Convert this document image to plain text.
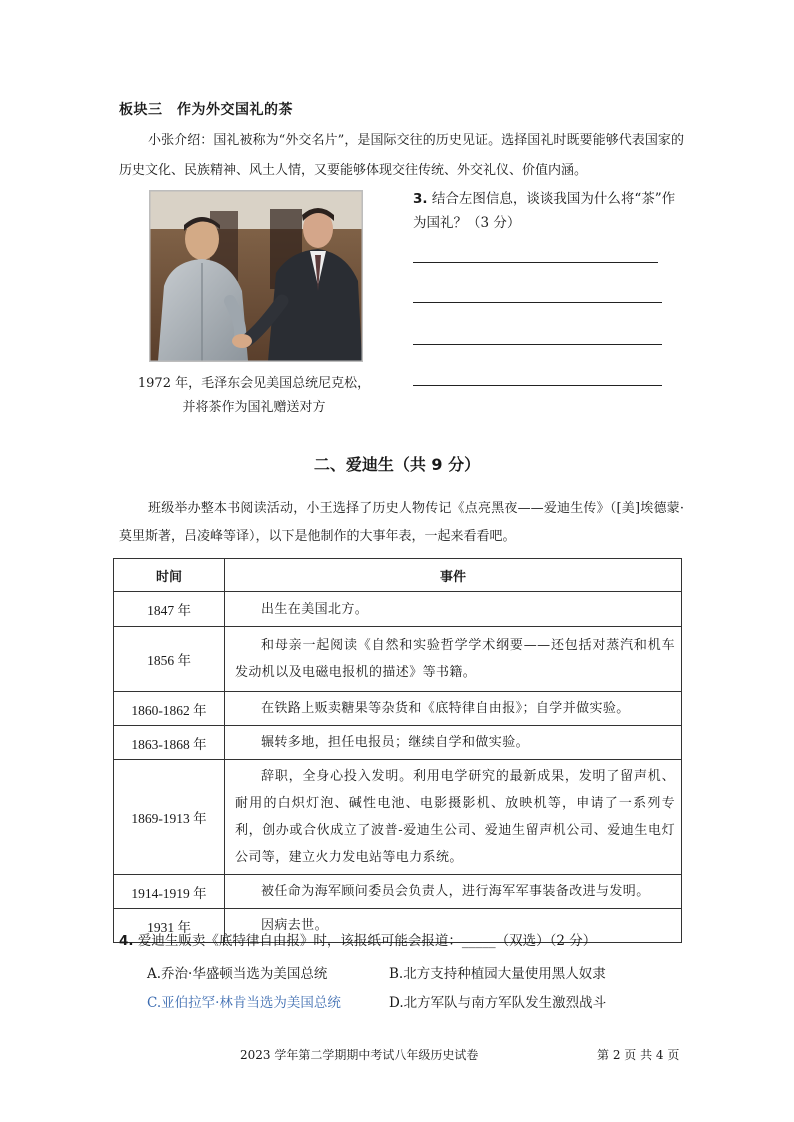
板块三　作为外交国礼的茶
小张介绍：国礼被称为“外交名片”，是国际交往的历史见证。选择国礼时既要能够代表国家的历史文化、民族精神、风土人情，又要能够体现交往传统、外交礼仪、价值内涵。
1972 年，毛泽东会见美国总统尼克松，
并将茶作为国礼赠送对方
3. 结合左图信息，谈谈我国为什么将“茶”作为国礼？（3 分）
二、爱迪生（共 9 分）
班级举办整本书阅读活动，小王选择了历史人物传记《点亮黑夜——爱迪生传》（[美]埃德蒙·莫里斯著，吕凌峰等译），以下是他制作的大事年表，一起来看看吧。
时间	事件
1847 年	出生在美国北方。
1856 年	和母亲一起阅读《自然和实验哲学学术纲要——还包括对蒸汽和机车发动机以及电磁电报机的描述》等书籍。
1860-1862 年	在铁路上贩卖糖果等杂货和《底特律自由报》；自学并做实验。
1863-1868 年	辗转多地，担任电报员；继续自学和做实验。
1869-1913 年	辞职，全身心投入发明。利用电学研究的最新成果，发明了留声机、耐用的白炽灯泡、碱性电池、电影摄影机、放映机等，申请了一系列专利，创办或合伙成立了波普-爱迪生公司、爱迪生留声机公司、爱迪生电灯公司等，建立火力发电站等电力系统。
1914-1919 年	被任命为海军顾问委员会负责人，进行海军军事装备改进与发明。
1931 年	因病去世。
4. 爱迪生贩卖《底特律自由报》时，该报纸可能会报道：_____（双选）（2 分）
A.乔治·华盛顿当选为美国总统	B.北方支持种植园大量使用黑人奴隶
C.亚伯拉罕·林肯当选为美国总统	D.北方军队与南方军队发生激烈战斗
2023 学年第二学期期中考试八年级历史试卷	第 2 页 共 4 页
